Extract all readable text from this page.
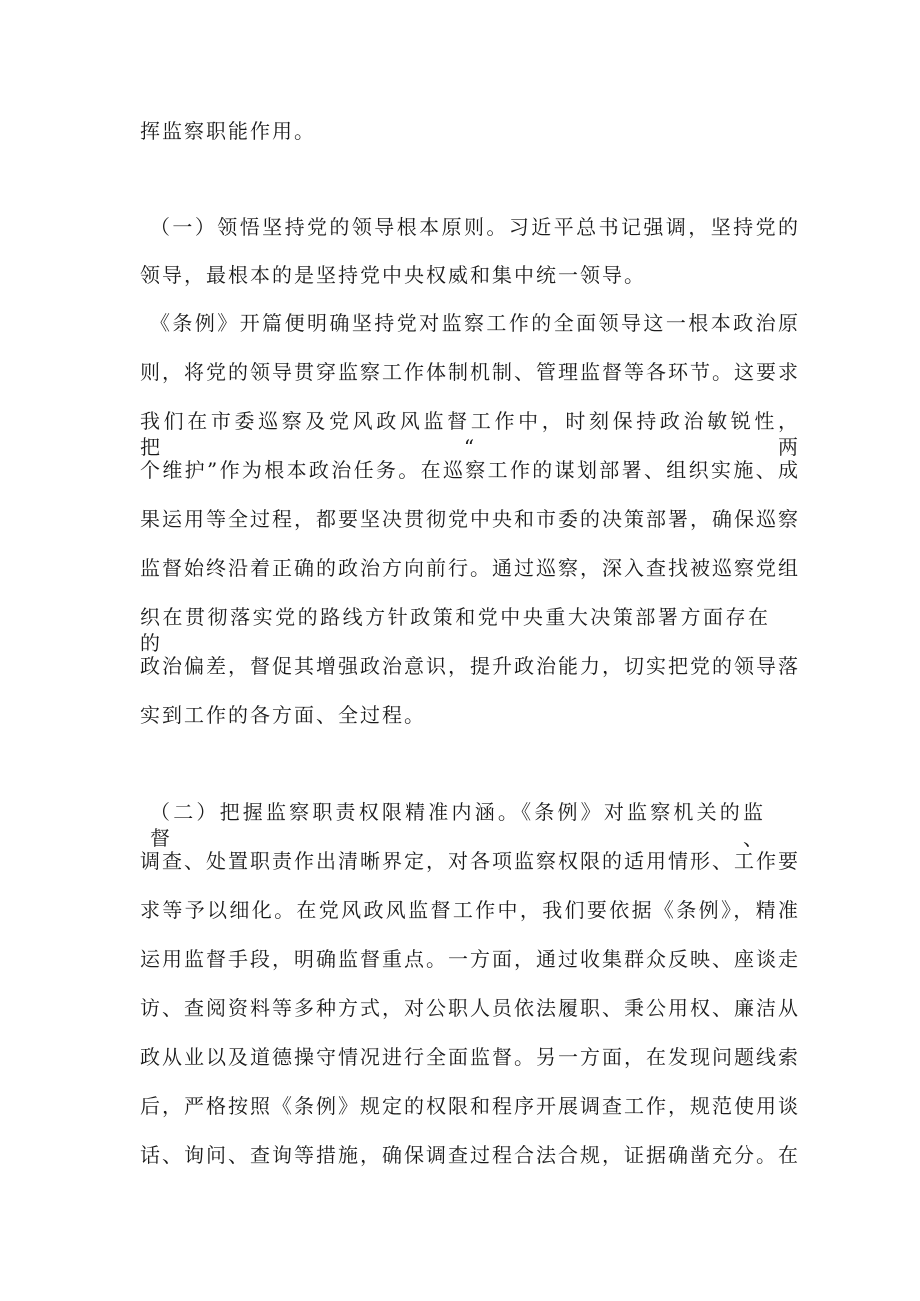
挥监察职能作用。
（一）领悟坚持党的领导根本原则。习近平总书记强调，坚持党的
领导，最根本的是坚持党中央权威和集中统一领导。
《条例》开篇便明确坚持党对监察工作的全面领导这一根本政治原
则，将党的领导贯穿监察工作体制机制、管理监督等各环节。这要求
我们在市委巡察及党风政风监督工作中，时刻保持政治敏锐性，把“两
个维护”作为根本政治任务。在巡察工作的谋划部署、组织实施、成
果运用等全过程，都要坚决贯彻党中央和市委的决策部署，确保巡察
监督始终沿着正确的政治方向前行。通过巡察，深入查找被巡察党组
织在贯彻落实党的路线方针政策和党中央重大决策部署方面存在的
政治偏差，督促其增强政治意识，提升政治能力，切实把党的领导落
实到工作的各方面、全过程。
（二）把握监察职责权限精准内涵。《条例》对监察机关的监督、
调查、处置职责作出清晰界定，对各项监察权限的适用情形、工作要
求等予以细化。在党风政风监督工作中，我们要依据《条例》，精准
运用监督手段，明确监督重点。一方面，通过收集群众反映、座谈走
访、查阅资料等多种方式，对公职人员依法履职、秉公用权、廉洁从
政从业以及道德操守情况进行全面监督。另一方面，在发现问题线索
后，严格按照《条例》规定的权限和程序开展调查工作，规范使用谈
话、询问、查询等措施，确保调查过程合法合规，证据确凿充分。在
